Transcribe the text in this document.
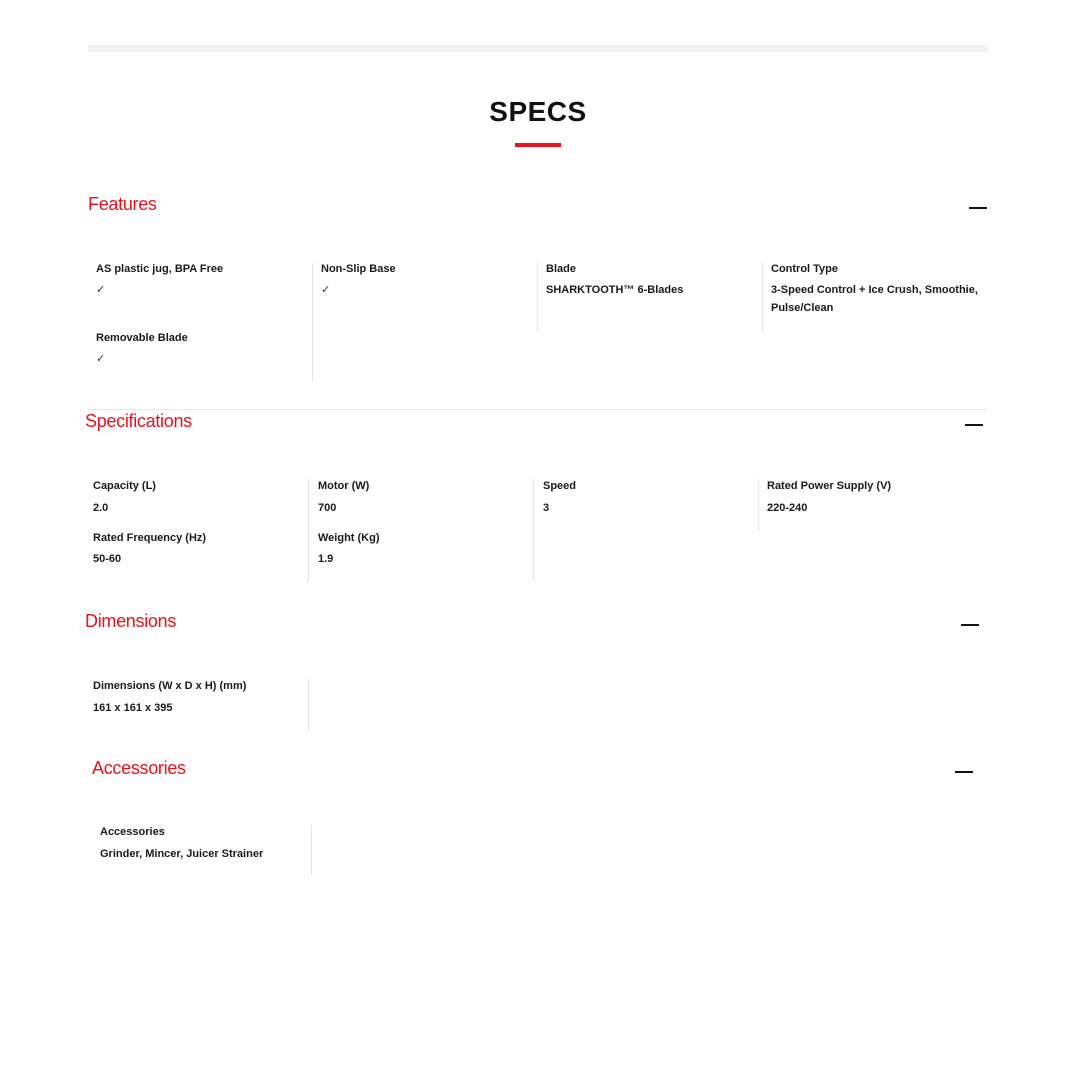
SPECS
Features
AS plastic jug, BPA Free
✓
Non-Slip Base
✓
Blade
SHARKTOOTH™ 6-Blades
Control Type
3-Speed Control + Ice Crush, Smoothie, Pulse/Clean
Removable Blade
✓
Specifications
Capacity (L)
2.0
Motor (W)
700
Speed
3
Rated Power Supply (V)
220-240
Rated Frequency (Hz)
50-60
Weight (Kg)
1.9
Dimensions
Dimensions (W x D x H) (mm)
161 x 161 x 395
Accessories
Accessories
Grinder, Mincer, Juicer Strainer
